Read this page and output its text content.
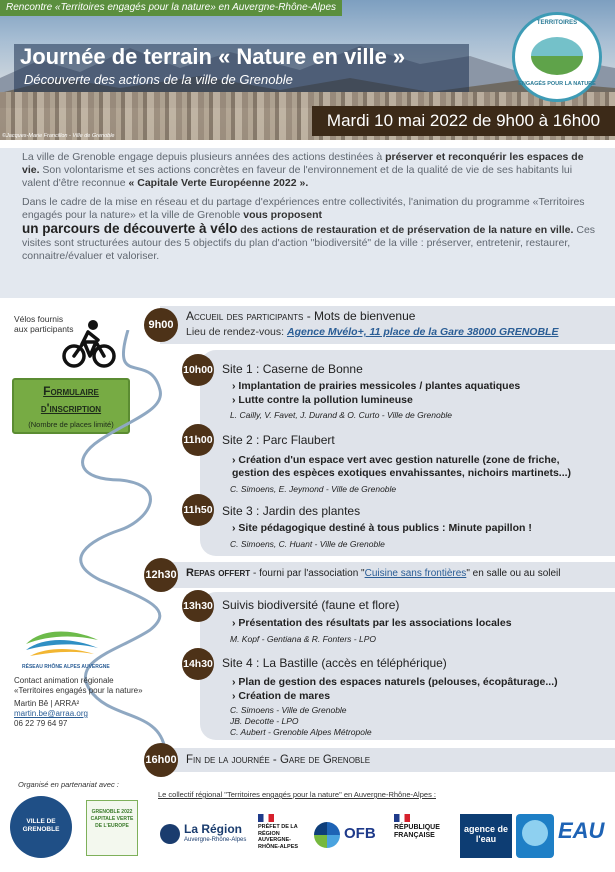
Rencontre «Territoires engagés pour la nature» en Auvergne-Rhône-Alpes
Journée de terrain « Nature en ville »
Découverte des actions de la ville de Grenoble
Mardi 10 mai 2022 de 9h00 à 16h00
©Jacques-Marie Francillon - Ville de Grenoble
TERRITOIRES
ENGAGÉS POUR LA NATURE

La ville de Grenoble engage depuis plusieurs années des actions destinées à préserver et reconquérir les espaces de vie. Son volontarisme et ses actions concrètes en faveur de l'environnement et de la qualité de vie de ses habitants lui valent d'être reconnue « Capitale Verte Européenne 2022 ».

Dans le cadre de la mise en réseau et du partage d'expériences entre collectivités, l'animation du programme «Territoires engagés pour la nature» et la ville de Grenoble vous proposent
un parcours de découverte à vélo des actions de restauration et de préservation de la nature en ville. Ces visites sont structurées autour des 5 objectifs du plan d'action "biodiversité" de la ville : préserver, entretenir, restaurer, connaitre/évaluer et valoriser.

Vélos fournis
aux participants
Formulaire
d'inscription
(Nombre de places limité)
RÉSEAU RHÔNE ALPES AUVERGNE
Contact animation régionale
«Territoires engagés pour la nature»
Martin Bê | ARRA²
martin.be@arraa.org
06 22 79 64 97
9h00
Accueil des participants - Mots de bienvenue
Lieu de rendez-vous: Agence Mvélo+, 11 place de la Gare 38000 GRENOBLE
10h00 Site 1 : Caserne de Bonne
› Implantation de prairies messicoles / plantes aquatiques
› Lutte contre la pollution lumineuse
L. Cailly, V. Favet, J. Durand & O. Curto - Ville de Grenoble
11h00 Site 2 : Parc Flaubert
› Création d'un espace vert avec gestion naturelle (zone de friche,
gestion des espèces exotiques envahissantes, nichoirs martinets...)
C. Simoens, E. Jeymond - Ville de Grenoble
11h50 Site 3 : Jardin des plantes
› Site pédagogique destiné à tous publics : Minute papillon !
C. Simoens, C. Huant - Ville de Grenoble
12h30 Repas offert - fourni par l'association "Cuisine sans frontières" en salle ou au soleil
13h30 Suivis biodiversité (faune et flore)
› Présentation des résultats par les associations locales
M. Kopf - Gentiana & R. Fonters - LPO
14h30 Site 4 : La Bastille (accès en téléphérique)
› Plan de gestion des espaces naturels (pelouses, écopâturage...)
› Création de mares
C. Simoens - Ville de Grenoble
JB. Decotte - LPO
C. Aubert - Grenoble Alpes Métropole
16h00 Fin de la journée - Gare de Grenoble
Organisé en partenariat avec :
Le collectif régional "Territoires engagés pour la nature" en Auvergne-Rhône-Alpes :
VILLE DE GRENOBLE
GRENOBLE 2022 CAPITALE VERTE DE L'EUROPE	La Région
Auvergne-Rhône-Alpes
PRÉFET DE LA RÉGION AUVERGNE-RHÔNE-ALPES
OFB	RÉPUBLIQUE FRANÇAISE
agence de l'eau	EAU
